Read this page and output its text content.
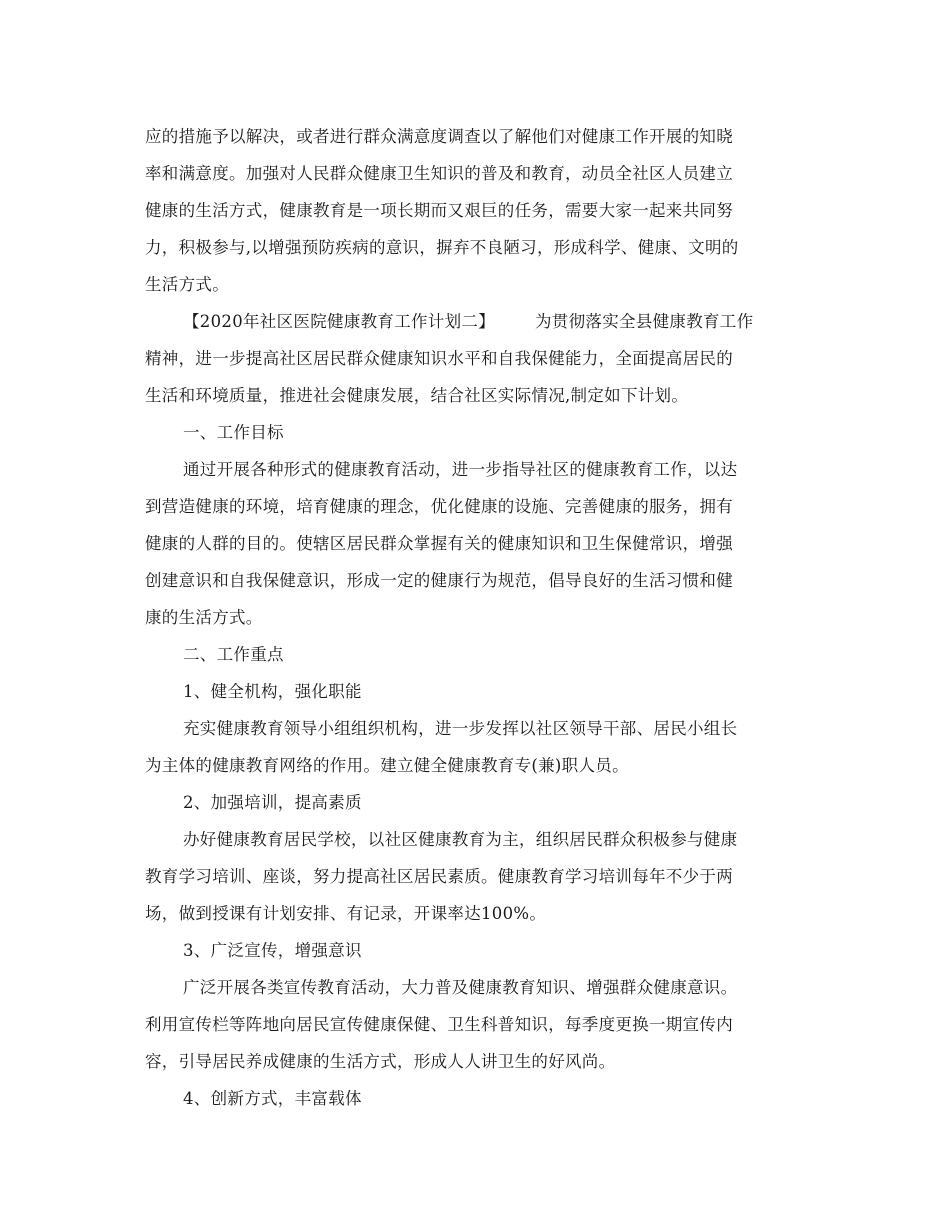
应的措施予以解决，或者进行群众满意度调查以了解他们对健康工作开展的知晓
率和满意度。加强对人民群众健康卫生知识的普及和教育，动员全社区人员建立
健康的生活方式，健康教育是一项长期而又艰巨的任务，需要大家一起来共同努
力，积极参与,以增强预防疾病的意识，摒弃不良陋习，形成科学、健康、文明的
生活方式。
【2020年社区医院健康教育工作计划二】 为贯彻落实全县健康教育工作
精神，进一步提高社区居民群众健康知识水平和自我保健能力，全面提高居民的
生活和环境质量，推进社会健康发展，结合社区实际情况,制定如下计划。
一、工作目标
通过开展各种形式的健康教育活动，进一步指导社区的健康教育工作，以达
到营造健康的环境，培育健康的理念，优化健康的设施、完善健康的服务，拥有
健康的人群的目的。使辖区居民群众掌握有关的健康知识和卫生保健常识，增强
创建意识和自我保健意识，形成一定的健康行为规范，倡导良好的生活习惯和健
康的生活方式。
二、工作重点
1、健全机构，强化职能
充实健康教育领导小组组织机构，进一步发挥以社区领导干部、居民小组长
为主体的健康教育网络的作用。建立健全健康教育专(兼)职人员。
2、加强培训，提高素质
办好健康教育居民学校，以社区健康教育为主，组织居民群众积极参与健康
教育学习培训、座谈，努力提高社区居民素质。健康教育学习培训每年不少于两
场，做到授课有计划安排、有记录，开课率达100%。
3、广泛宣传，增强意识
广泛开展各类宣传教育活动，大力普及健康教育知识、增强群众健康意识。
利用宣传栏等阵地向居民宣传健康保健、卫生科普知识，每季度更换一期宣传内
容，引导居民养成健康的生活方式，形成人人讲卫生的好风尚。
4、创新方式，丰富载体
